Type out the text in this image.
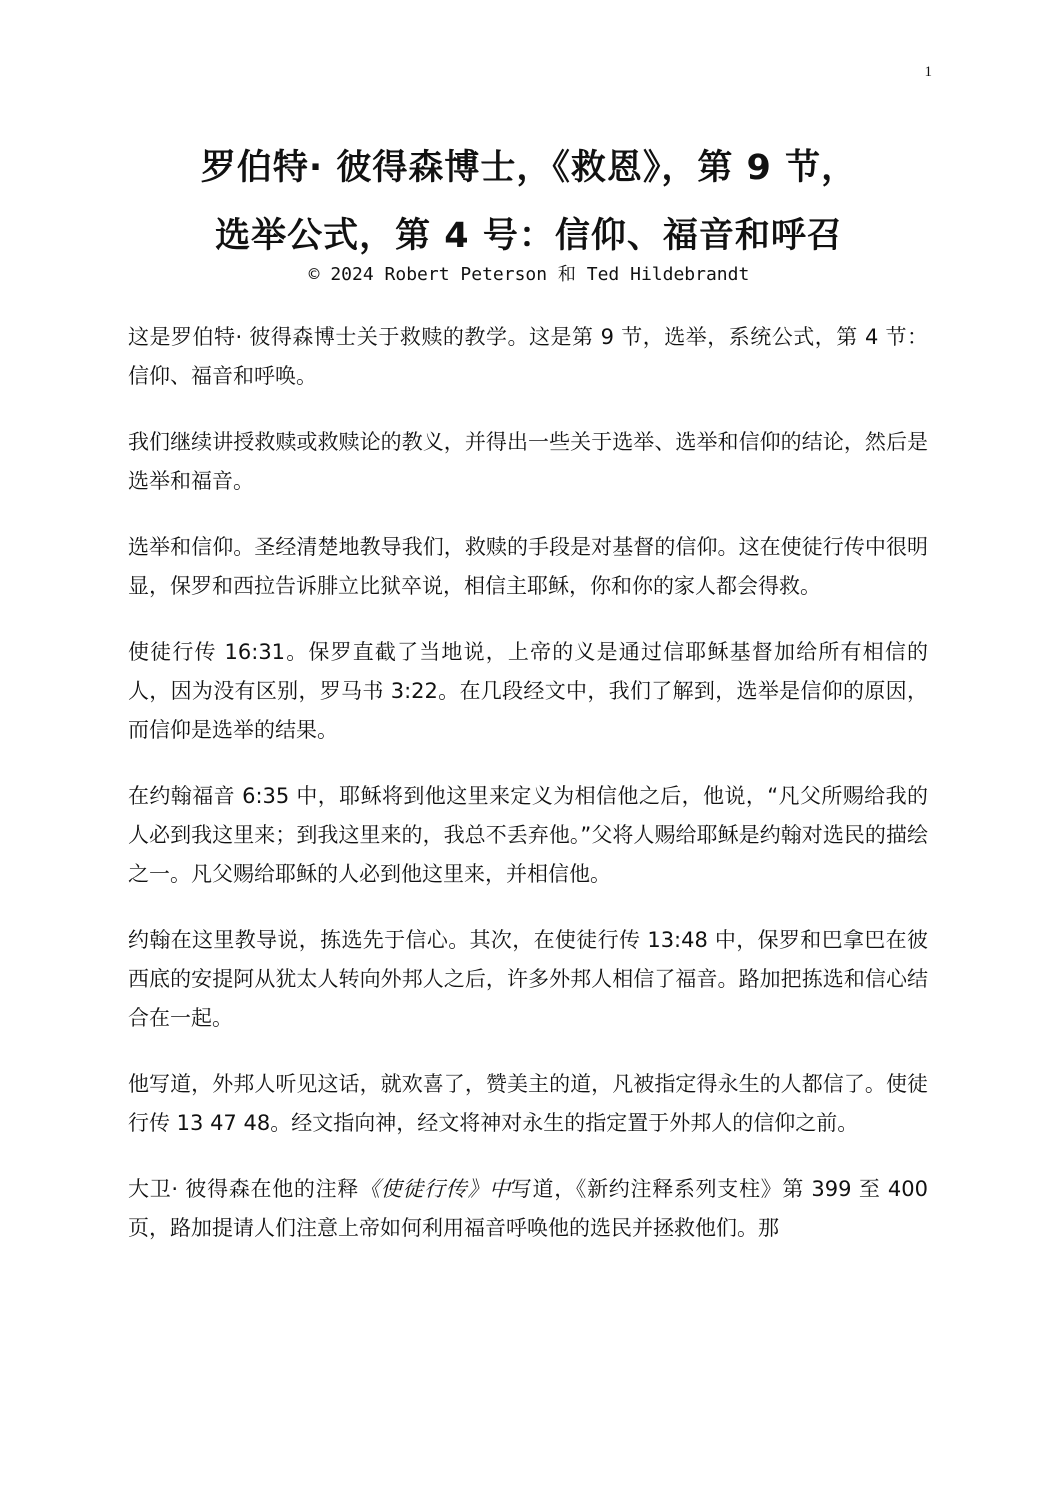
1
罗伯特· 彼得森博士，《救恩》，第 9 节，
选举公式，第 4 号：信仰、福音和呼召
© 2024 Robert Peterson 和 Ted Hildebrandt

这是罗伯特· 彼得森博士关于救赎的教学。这是第 9 节，选举，系统公式，第 4 节：信仰、福音和呼唤。

我们继续讲授救赎或救赎论的教义，并得出一些关于选举、选举和信仰的结论，然后是选举和福音。

选举和信仰。圣经清楚地教导我们，救赎的手段是对基督的信仰。这在使徒行传中很明显，保罗和西拉告诉腓立比狱卒说，相信主耶稣，你和你的家人都会得救。

使徒行传 16:31。保罗直截了当地说，上帝的义是通过信耶稣基督加给所有相信的人，因为没有区别，罗马书 3:22。在几段经文中，我们了解到，选举是信仰的原因，而信仰是选举的结果。

在约翰福音 6:35 中，耶稣将到他这里来定义为相信他之后，他说，“凡父所赐给我的人必到我这里来；到我这里来的，我总不丢弃他。”父将人赐给耶稣是约翰对选民的描绘之一。凡父赐给耶稣的人必到他这里来，并相信他。

约翰在这里教导说，拣选先于信心。其次，在使徒行传 13:48 中，保罗和巴拿巴在彼西底的安提阿从犹太人转向外邦人之后，许多外邦人相信了福音。路加把拣选和信心结合在一起。

他写道，外邦人听见这话，就欢喜了，赞美主的道，凡被指定得永生的人都信了。使徒行传 13 47 48。经文指向神，经文将神对永生的指定置于外邦人的信仰之前。

大卫· 彼得森在他的注释《使徒行传》中写道，《新约注释系列支柱》第 399 至 400 页，路加提请人们注意上帝如何利用福音呼唤他的选民并拯救他们。那
